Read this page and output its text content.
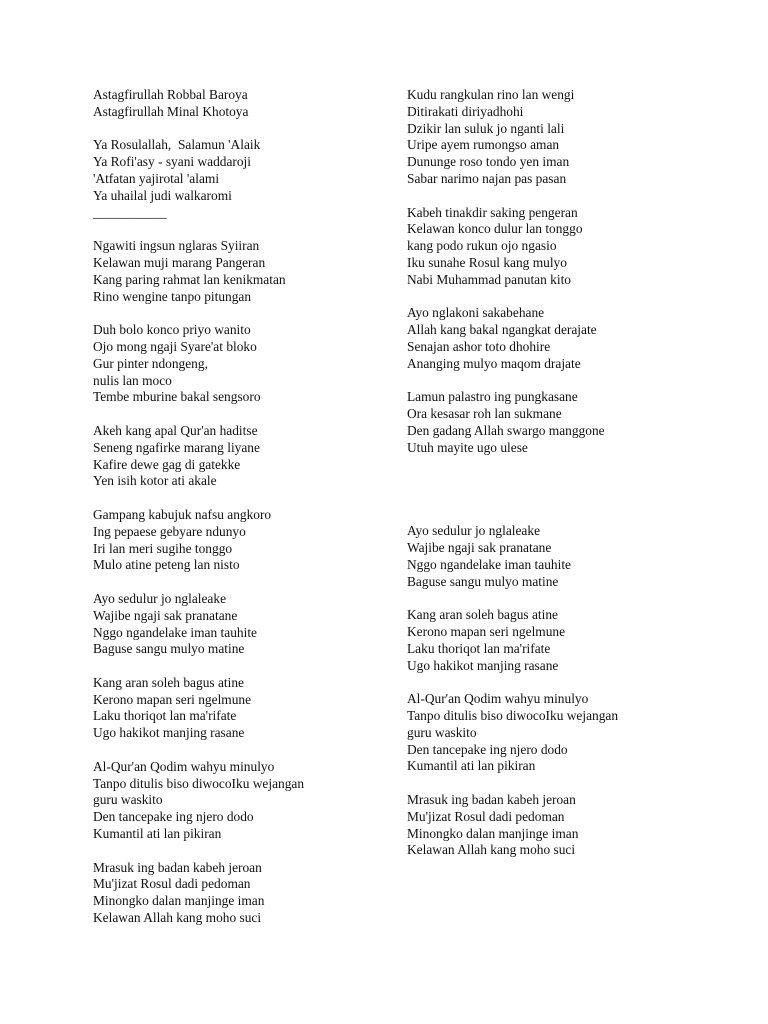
Astagfirullah Robbal Baroya
Astagfirullah Minal Khotoya
Ya Rosulallah,  Salamun 'Alaik
Ya Rofi'asy - syani waddaroji
'Atfatan yajirotal 'alami
Ya uhailal judi walkaromi
___________
Ngawiti ingsun nglaras Syiiran
Kelawan muji marang Pangeran
Kang paring rahmat lan kenikmatan
Rino wengine tanpo pitungan
Duh bolo konco priyo wanito
Ojo mong ngaji Syare'at bloko
Gur pinter ndongeng,
nulis lan moco
Tembe mburine bakal sengsoro
Akeh kang apal Qur'an haditse
Seneng ngafirke marang liyane
Kafire dewe gag di gatekke
Yen isih kotor ati akale
Gampang kabujuk nafsu angkoro
Ing pepaese gebyare ndunyo
Iri lan meri sugihe tonggo
Mulo atine peteng lan nisto
Ayo sedulur jo nglaleake
Wajibe ngaji sak pranatane
Nggo ngandelake iman tauhite
Baguse sangu mulyo matine
Kang aran soleh bagus atine
Kerono mapan seri ngelmune
Laku thoriqot lan ma'rifate
Ugo hakikot manjing rasane
Al-Qur'an Qodim wahyu minulyo
Tanpo ditulis biso diwocoIku wejangan
guru waskito
Den tancepake ing njero dodo
Kumantil ati lan pikiran
Mrasuk ing badan kabeh jeroan
Mu'jizat Rosul dadi pedoman
Minongko dalan manjinge iman
Kelawan Allah kang moho suci
Kudu rangkulan rino lan wengi
Ditirakati diriyadhohi
Dzikir lan suluk jo nganti lali
Uripe ayem rumongso aman
Dununge roso tondo yen iman
Sabar narimo najan pas pasan
Kabeh tinakdir saking pengeran
Kelawan konco dulur lan tonggo
kang podo rukun ojo ngasio
Iku sunahe Rosul kang mulyo
Nabi Muhammad panutan kito
Ayo nglakoni sakabehane
Allah kang bakal ngangkat derajate
Senajan ashor toto dhohire
Ananging mulyo maqom drajate
Lamun palastro ing pungkasane
Ora kesasar roh lan sukmane
Den gadang Allah swargo manggone
Utuh mayite ugo ulese
Ayo sedulur jo nglaleake
Wajibe ngaji sak pranatane
Nggo ngandelake iman tauhite
Baguse sangu mulyo matine
Kang aran soleh bagus atine
Kerono mapan seri ngelmune
Laku thoriqot lan ma'rifate
Ugo hakikot manjing rasane
Al-Qur'an Qodim wahyu minulyo
Tanpo ditulis biso diwocoIku wejangan
guru waskito
Den tancepake ing njero dodo
Kumantil ati lan pikiran
Mrasuk ing badan kabeh jeroan
Mu'jizat Rosul dadi pedoman
Minongko dalan manjinge iman
Kelawan Allah kang moho suci
